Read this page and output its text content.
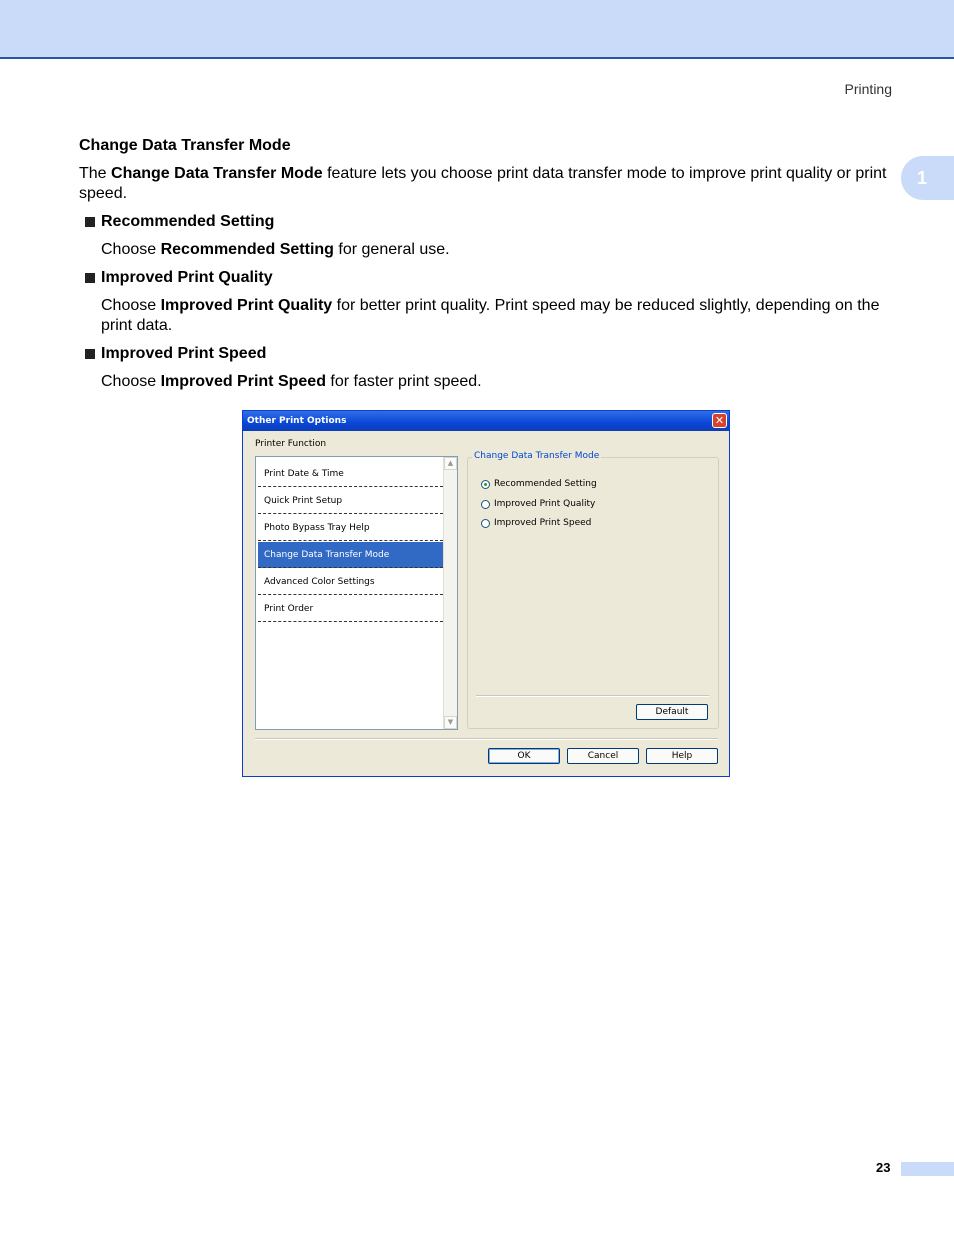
Printing
1
Change Data Transfer Mode

The Change Data Transfer Mode feature lets you choose print data transfer mode to improve print quality or print speed.

Recommended Setting

Choose Recommended Setting for general use.

Improved Print Quality

Choose Improved Print Quality for better print quality. Print speed may be reduced slightly, depending on the print data.

Improved Print Speed

Choose Improved Print Speed for faster print speed.

Other Print Options	✕
Printer Function
Print Date & Time
Quick Print Setup
Photo Bypass Tray Help
Change Data Transfer Mode
Advanced Color Settings
Print Order
▲
▼
Change Data Transfer Mode
Recommended Setting
Improved Print Quality
Improved Print Speed
Default
OK	Cancel	Help
23
